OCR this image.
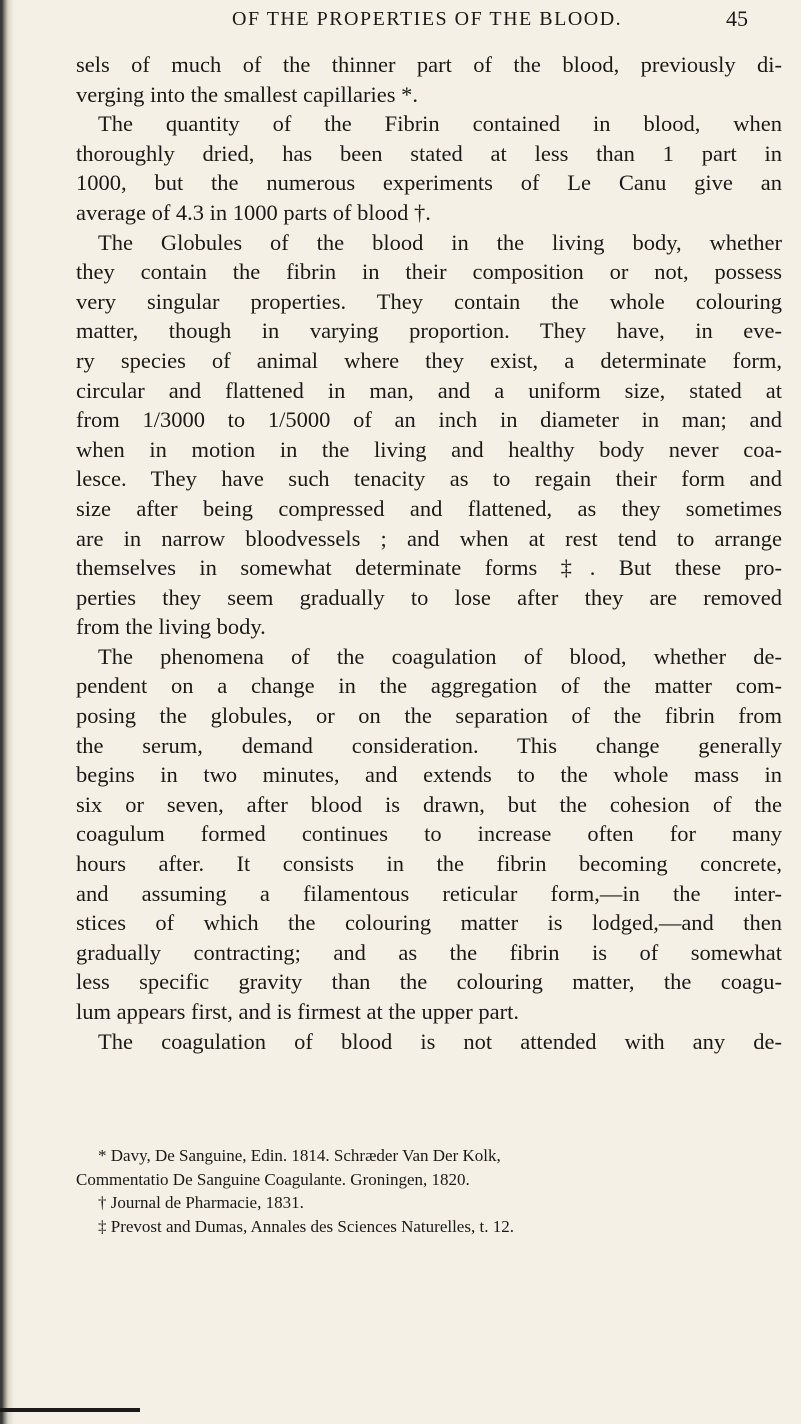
OF THE PROPERTIES OF THE BLOOD.	45
sels of much of the thinner part of the blood, previously di-
verging into the smallest capillaries *.
The quantity of the Fibrin contained in blood, when
thoroughly dried, has been stated at less than 1 part in
1000, but the numerous experiments of Le Canu give an
average of 4.3 in 1000 parts of blood †.
The Globules of the blood in the living body, whether
they contain the fibrin in their composition or not, possess
very singular properties. They contain the whole colouring
matter, though in varying proportion. They have, in eve-
ry species of animal where they exist, a determinate form,
circular and flattened in man, and a uniform size, stated at
from 1/3000 to 1/5000 of an inch in diameter in man; and
when in motion in the living and healthy body never coa-
lesce. They have such tenacity as to regain their form and
size after being compressed and flattened, as they sometimes
are in narrow bloodvessels ; and when at rest tend to arrange
themselves in somewhat determinate forms ‡. But these pro-
perties they seem gradually to lose after they are removed
from the living body.
The phenomena of the coagulation of blood, whether de-
pendent on a change in the aggregation of the matter com-
posing the globules, or on the separation of the fibrin from
the serum, demand consideration. This change generally
begins in two minutes, and extends to the whole mass in
six or seven, after blood is drawn, but the cohesion of the
coagulum formed continues to increase often for many
hours after. It consists in the fibrin becoming concrete,
and assuming a filamentous reticular form,—in the inter-
stices of which the colouring matter is lodged,—and then
gradually contracting; and as the fibrin is of somewhat
less specific gravity than the colouring matter, the coagu-
lum appears first, and is firmest at the upper part.
The coagulation of blood is not attended with any de-
* Davy, De Sanguine, Edin. 1814. Schræder Van Der Kolk,
Commentatio De Sanguine Coagulante. Groningen, 1820.
† Journal de Pharmacie, 1831.
‡ Prevost and Dumas, Annales des Sciences Naturelles, t. 12.
